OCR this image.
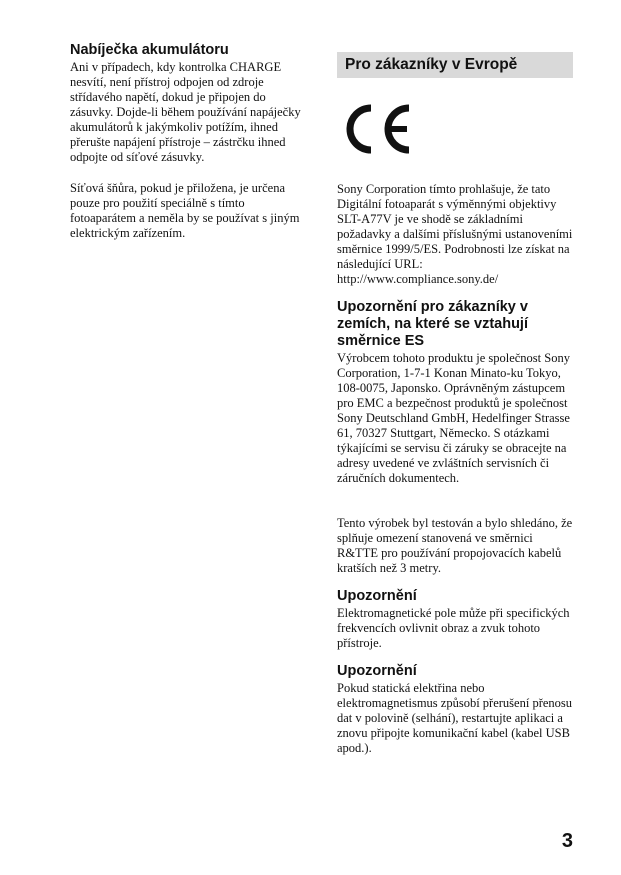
Nabíječka akumulátoru

Ani v případech, kdy kontrolka CHARGE nesvítí, není přístroj odpojen od zdroje střídavého napětí, dokud je připojen do zásuvky. Dojde-li během používání napáječky akumulátorů k jakýmkoliv potížím, ihned přerušte napájení přístroje – zástrčku ihned odpojte od síťové zásuvky.

Síťová šňůra, pokud je přiložena, je určena pouze pro použití speciálně s tímto fotoaparátem a neměla by se používat s jiným elektrickým zařízením.

Pro zákazníky v Evropě

Sony Corporation tímto prohlašuje, že tato Digitální fotoaparát s výměnnými objektivy SLT-A77V je ve shodě se základními požadavky a dalšími příslušnými ustanoveními směrnice 1999/5/ES. Podrobnosti lze získat na následující URL: http://www.compliance.sony.de/

Upozornění pro zákazníky v zemích, na které se vztahují směrnice ES

Výrobcem tohoto produktu je společnost Sony Corporation, 1-7-1 Konan Minato-ku Tokyo, 108-0075, Japonsko. Oprávněným zástupcem pro EMC a bezpečnost produktů je společnost Sony Deutschland GmbH, Hedelfinger Strasse 61, 70327 Stuttgart, Německo. S otázkami týkajícími se servisu či záruky se obracejte na adresy uvedené ve zvláštních servisních či záručních dokumentech.

Tento výrobek byl testován a bylo shledáno, že splňuje omezení stanovená ve směrnici R&TTE pro používání propojovacích kabelů kratších než 3 metry.

Upozornění

Elektromagnetické pole může při specifických frekvencích ovlivnit obraz a zvuk tohoto přístroje.

Upozornění

Pokud statická elektřina nebo elektromagnetismus způsobí přerušení přenosu dat v polovině (selhání), restartujte aplikaci a znovu připojte komunikační kabel (kabel USB apod.).

3
